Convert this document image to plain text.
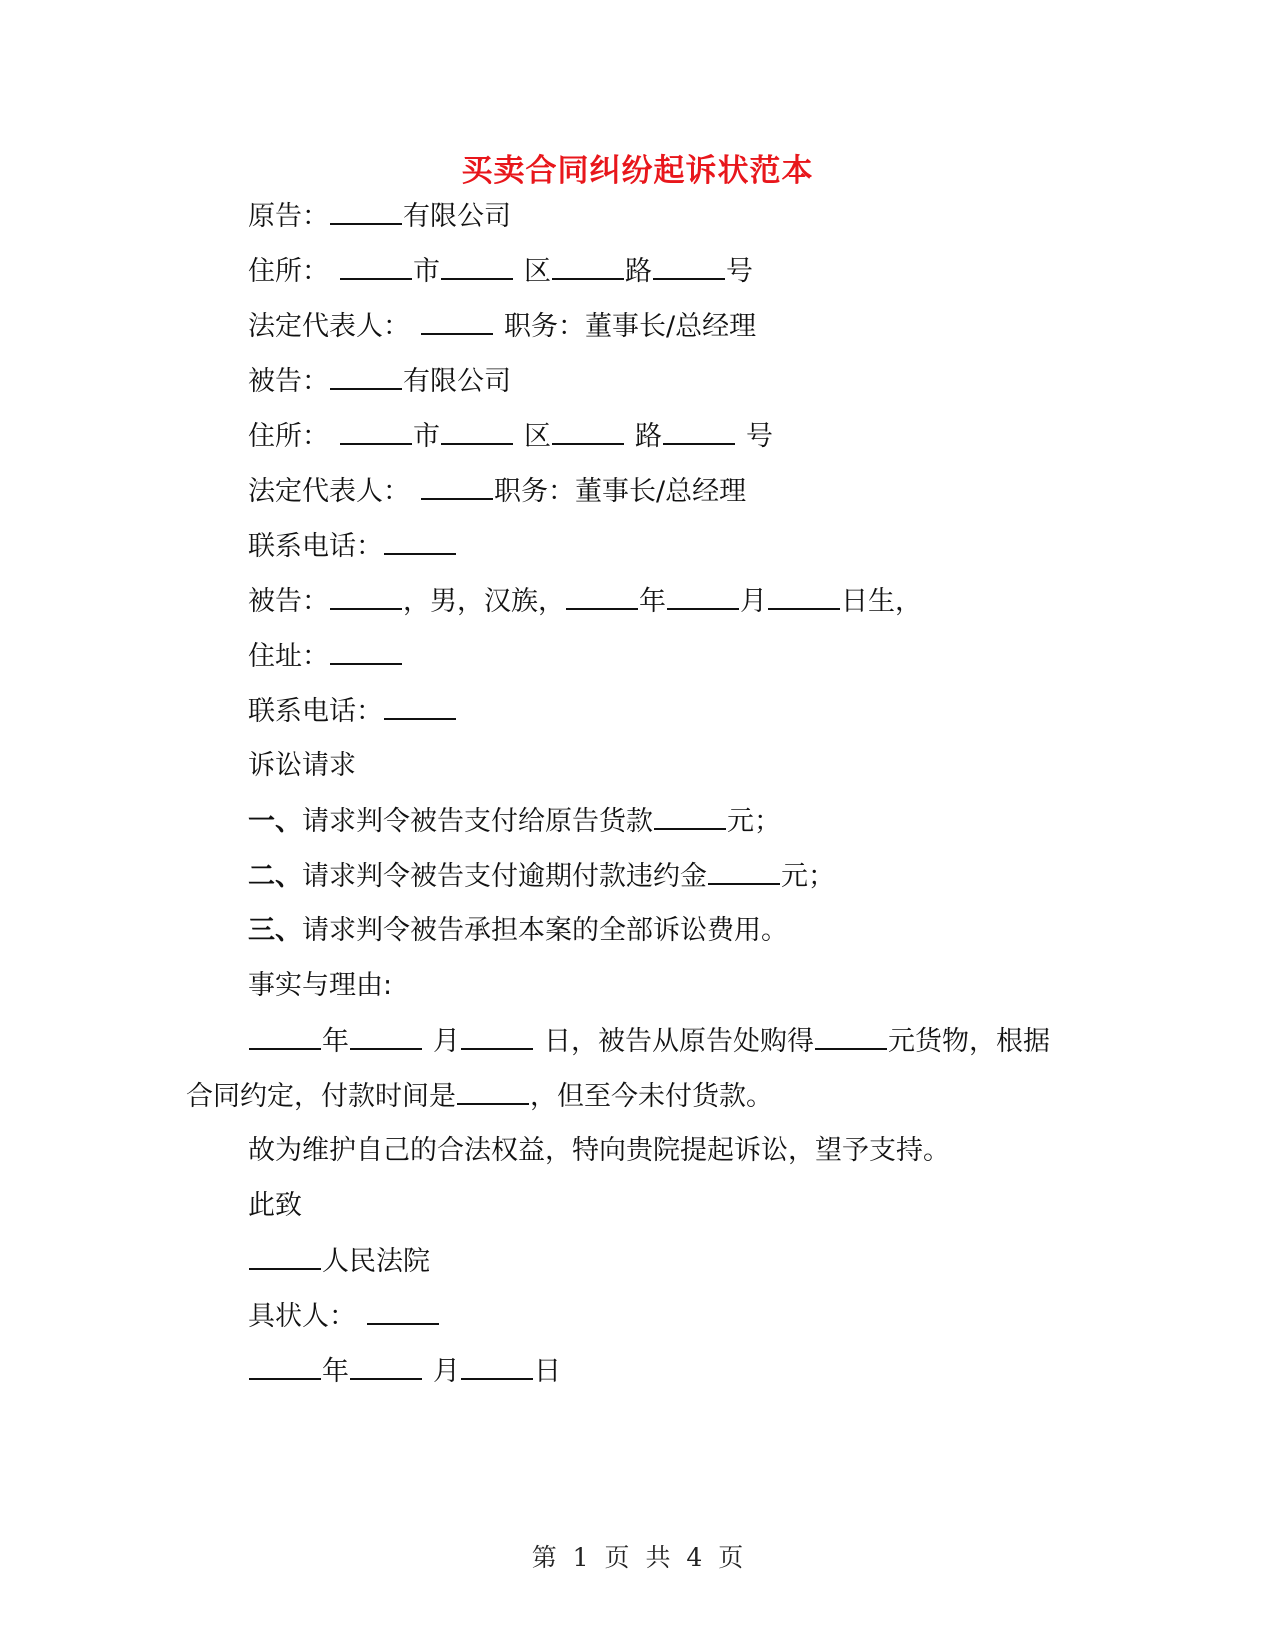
买卖合同纠纷起诉状范本
原告：	有限公司
住所：	市	区	路	号
法定代表人：	职务：董事长/总经理
被告：	有限公司
住所：	市	区	路	号
法定代表人：	职务：董事长/总经理
联系电话：
被告：	，男，汉族，	年	月	日生，
住址：
联系电话：
诉讼请求
一、请求判令被告支付给原告货款	元；
二、请求判令被告支付逾期付款违约金	元；
三、请求判令被告承担本案的全部诉讼费用。
事实与理由:
年	月	日，被告从原告处购得	元货物，根据
合同约定，付款时间是	，但至今未付货款。
故为维护自己的合法权益，特向贵院提起诉讼，望予支持。
此致
人民法院
具状人：
年	月	日
第 1 页 共 4 页
